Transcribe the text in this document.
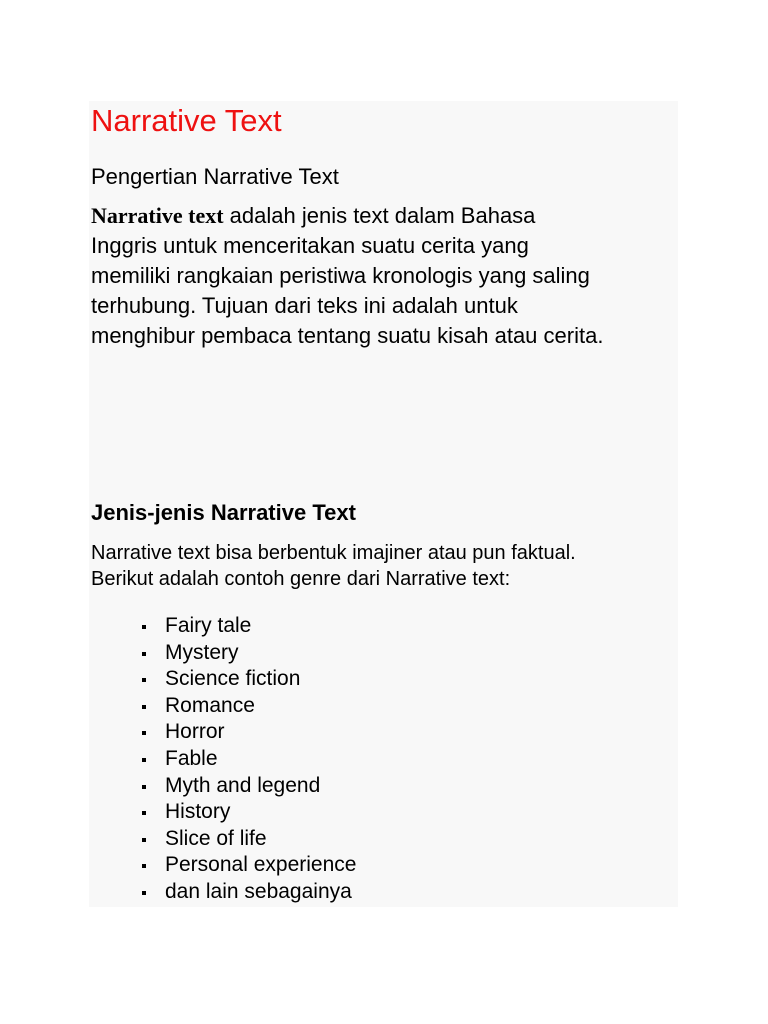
Narrative Text
Pengertian Narrative Text

Narrative text adalah jenis text dalam Bahasa
Inggris untuk menceritakan suatu cerita yang
memiliki rangkaian peristiwa kronologis yang saling
terhubung. Tujuan dari teks ini adalah untuk
menghibur pembaca tentang suatu kisah atau cerita.

Jenis-jenis Narrative Text

Narrative text bisa berbentuk imajiner atau pun faktual.
Berikut adalah contoh genre dari Narrative text:

Fairy tale
Mystery
Science fiction
Romance
Horror
Fable
Myth and legend
History
Slice of life
Personal experience
dan lain sebagainya
